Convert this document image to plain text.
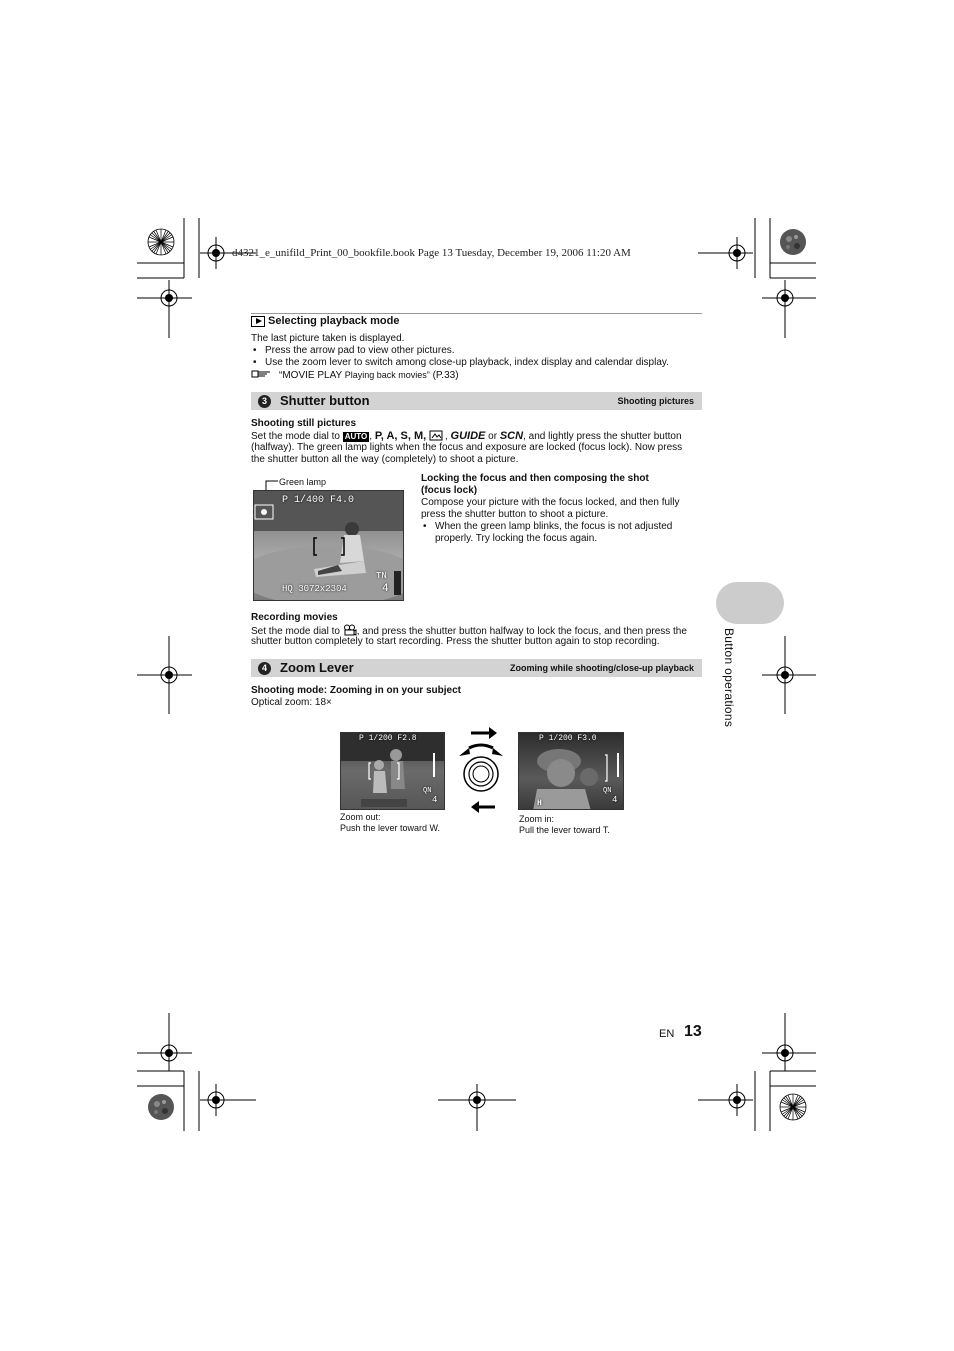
d4321_e_unifild_Print_00_bookfile.book Page 13 Tuesday, December 19, 2006 11:20 AM
Selecting playback mode
The last picture taken is displayed.
• Press the arrow pad to view other pictures.
• Use the zoom lever to switch among close-up playback, index display and calendar display.
“MOVIE PLAY Playing back movies” (P.33)
3	Shutter button	Shooting pictures
Shooting still pictures
Set the mode dial to AUTO , P, A, S, M, , GUIDE or SCN, and lightly press the shutter button
(halfway). The green lamp lights when the focus and exposure are locked (focus lock). Now press
the shutter button all the way (completely) to shoot a picture.
Green lamp
P 1/400 F4.0
TN
HQ 3072x2304	4
Locking the focus and then composing the shot
(focus lock)
Compose your picture with the focus locked, and then fully
press the shutter button to shoot a picture.
• When the green lamp blinks, the focus is not adjusted
properly. Try locking the focus again.
Recording movies
Set the mode dial to , and press the shutter button halfway to lock the focus, and then press the
shutter button completely to start recording. Press the shutter button again to stop recording.
4	Zoom Lever	Zooming while shooting/close-up playback
Shooting mode: Zooming in on your subject
Optical zoom: 18×
P 1/200 F2.8
QN
4
Zoom out:
Push the lever toward W.
P 1/200 F3.0
QN
H	4
Zoom in:
Pull the lever toward T.
Button operations
EN 13
